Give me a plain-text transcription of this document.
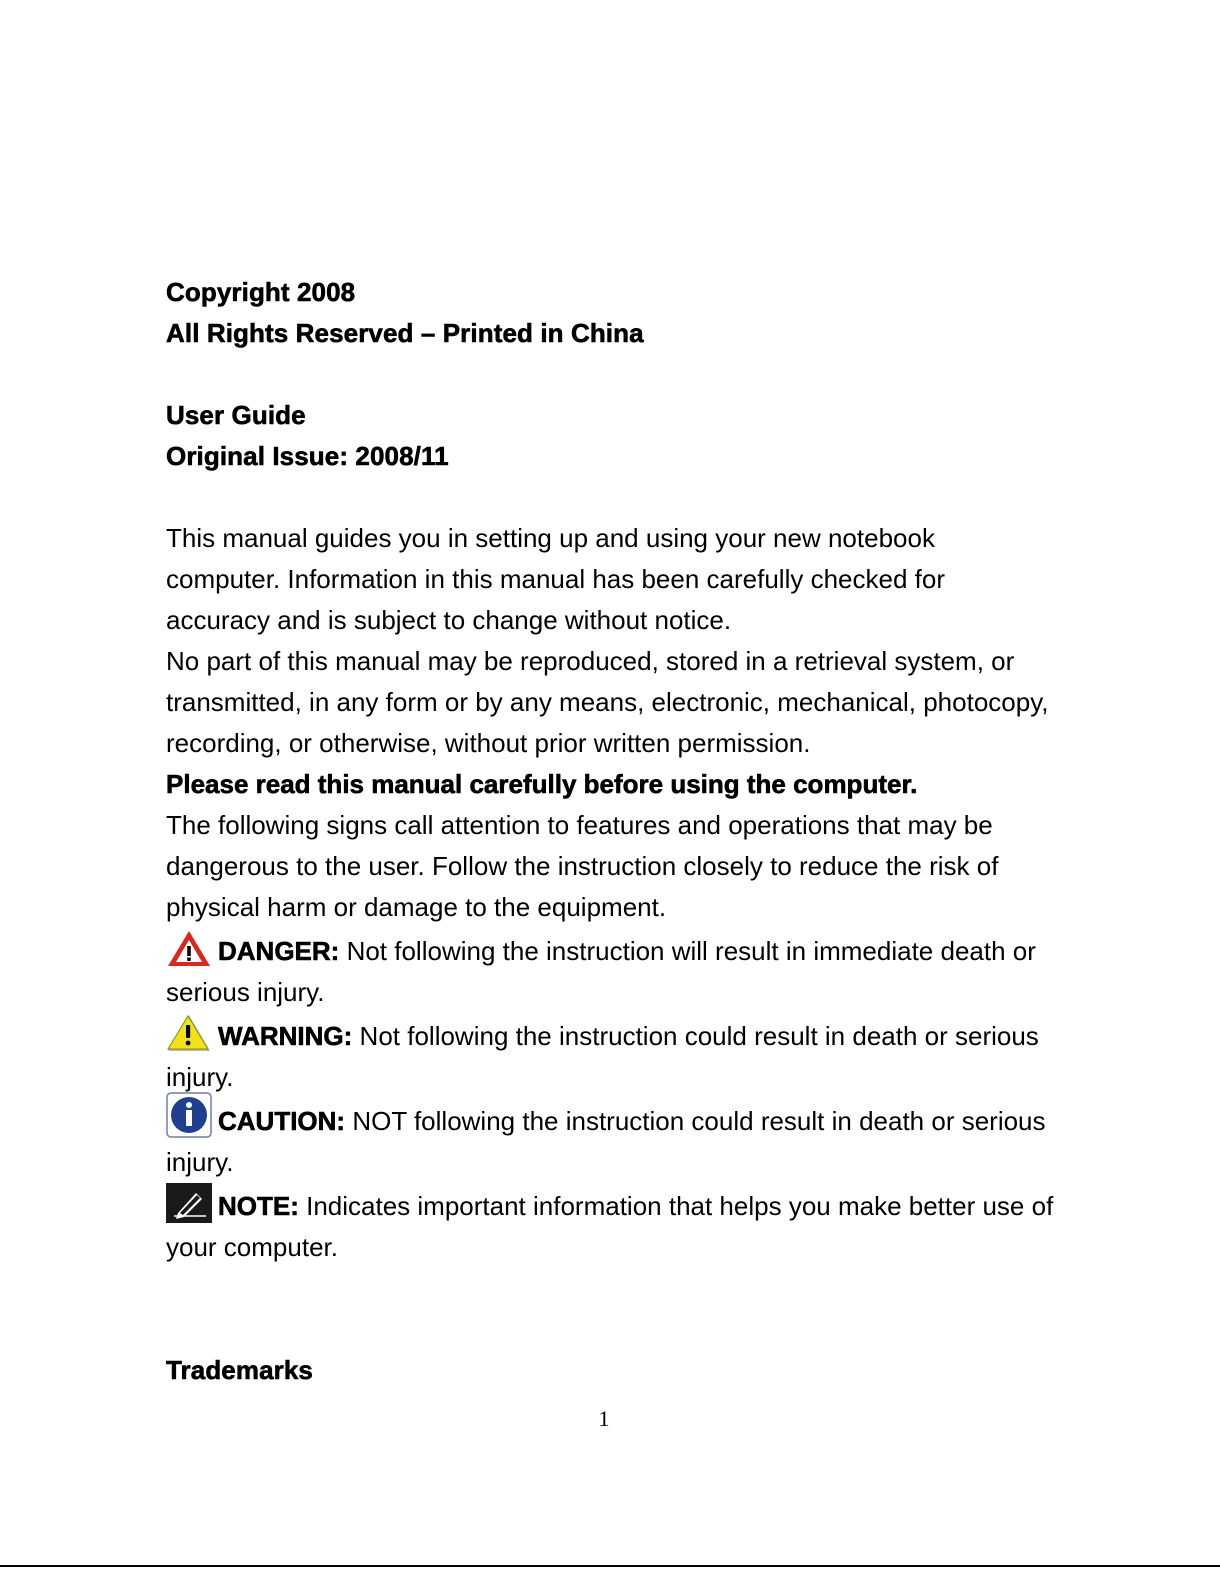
Copyright 2008

All Rights Reserved – Printed in China

User Guide

Original Issue: 2008/11

This manual guides you in setting up and using your new notebook computer. Information in this manual has been carefully checked for accuracy and is subject to change without notice.

No part of this manual may be reproduced, stored in a retrieval system, or transmitted, in any form or by any means, electronic, mechanical, photocopy, recording, or otherwise, without prior written permission.

Please read this manual carefully before using the computer.

The following signs call attention to features and operations that may be dangerous to the user. Follow the instruction closely to reduce the risk of physical harm or damage to the equipment.

DANGER: Not following the instruction will result in immediate death or serious injury.

WARNING: Not following the instruction could result in death or serious injury.

CAUTION: NOT following the instruction could result in death or serious injury.

NOTE: Indicates important information that helps you make better use of your computer.

Trademarks

1
